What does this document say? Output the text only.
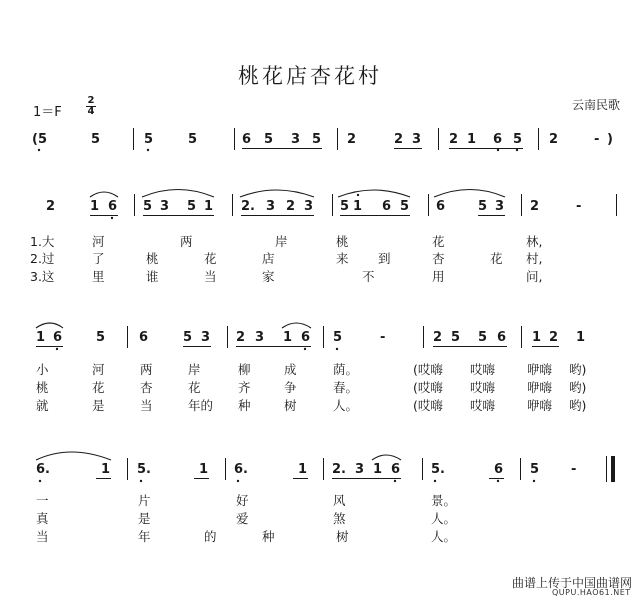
桃花店杏花村
1＝F
2
4	云南民歌
(5	5	5	5	6 5 3 5 2	2 3 2 1 6 5 2	- )
2	1 6 5 3 5 1 2. 3 2 3 5 1 6 5 6	5 3 2	-
1.大	河	两	岸	桃	花	林,
2.过	了	桃	花	店	来 到	杏	花 村,
3.这	里	谁	当	家	不	用	问,
1 6	5	6	5 3 2 3 1 6 5	-	2 5 5 6 1 2 1
小	河	两	岸	柳	成	荫。	(哎嗨 哎嗨	咿嗨 哟)
桃	花	杏	花	齐	争	春。	(哎嗨 哎嗨	咿嗨 哟)
就	是	当	年的 种	树	人。	(哎嗨 哎嗨	咿嗨 哟)
6.	1 5.	1 6.	1 2. 3 1 6 5.	6 5 -
一	片	好	风	景。
真	是	爱	煞	人。
当	年	的	种	树	人。
曲谱上传于中国曲谱网
QUPU.HAO61.NET
